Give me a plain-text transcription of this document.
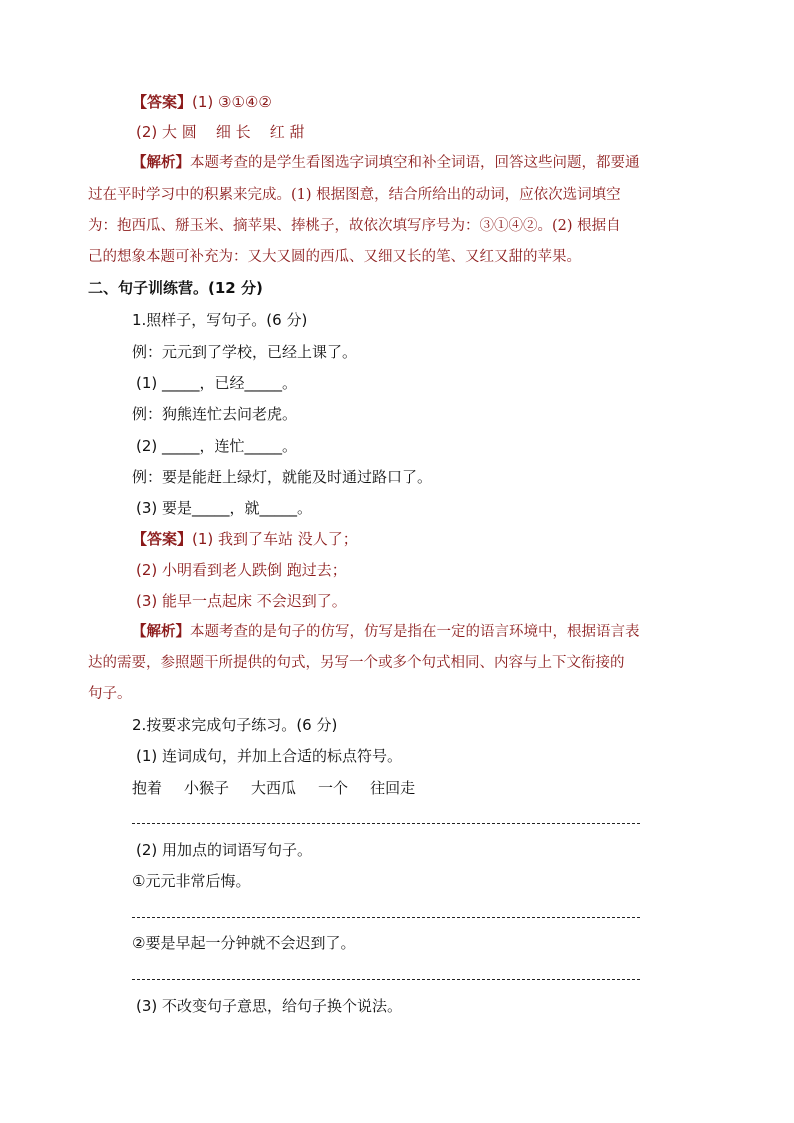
【答案】(1) ③①④②
(2) 大 圆    细 长    红 甜
【解析】本题考查的是学生看图选字词填空和补全词语，回答这些问题，都要通
过在平时学习中的积累来完成。(1) 根据图意，结合所给出的动词，应依次选词填空
为：抱西瓜、掰玉米、摘苹果、捧桃子，故依次填写序号为：③①④②。(2) 根据自
己的想象本题可补充为：又大又圆的西瓜、又细又长的笔、又红又甜的苹果。
二、句子训练营。(12 分)
1.照样子，写句子。(6 分)
例：元元到了学校，已经上课了。
(1) _____，已经_____。
例：狗熊连忙去问老虎。
(2) _____，连忙_____。
例：要是能赶上绿灯，就能及时通过路口了。
(3) 要是_____，就_____。
【答案】(1) 我到了车站 没人了；
(2) 小明看到老人跌倒 跑过去；
(3) 能早一点起床 不会迟到了。
【解析】本题考查的是句子的仿写，仿写是指在一定的语言环境中，根据语言表
达的需要，参照题干所提供的句式，另写一个或多个句式相同、内容与上下文衔接的
句子。
2.按要求完成句子练习。(6 分)
(1) 连词成句，并加上合适的标点符号。
抱着 小猴子 大西瓜 一个 往回走
(2) 用加点的词语写句子。
①元元非常后悔。
②要是早起一分钟就不会迟到了。
(3) 不改变句子意思，给句子换个说法。
